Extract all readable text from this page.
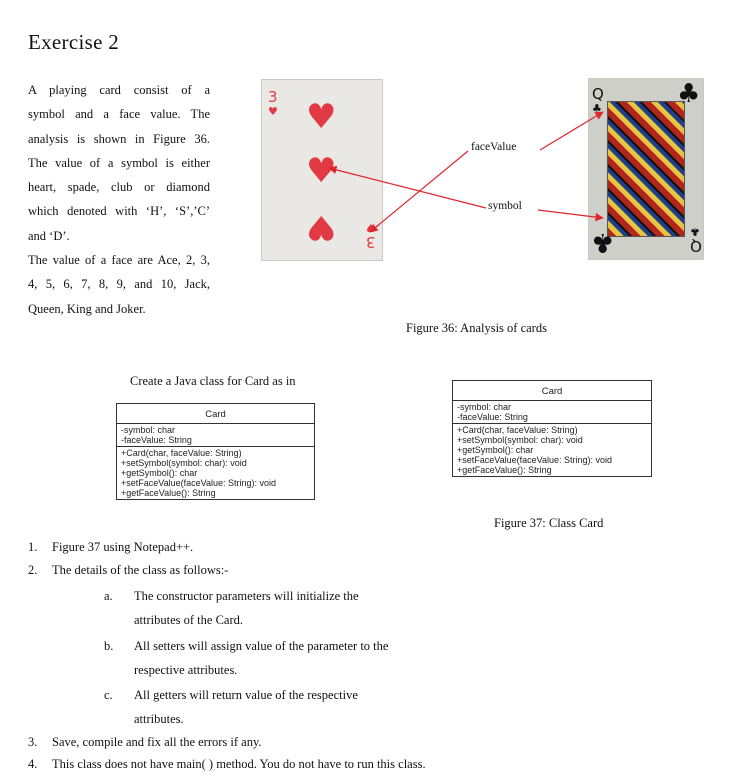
Exercise 2

A playing card consist of a

symbol and a face value. The

analysis is shown in Figure 36.

The value of a symbol is either

heart, spade, club or diamond

which denoted with ‘H’, ‘S’,’C’

and ‘D’.

The value of a face are Ace, 2, 3,

4, 5, 6, 7, 8, 9, and 10, Jack,

Queen, King and Joker.

3
♥ ♥
♥
♥	♥
3
Q
♣	♣
♣	♣
Q
faceValue
symbol
Figure 36: Analysis of cards
Create a Java class for Card as in
Card
-symbol: char
-faceValue: String
+Card(char, faceValue: String)
+setSymbol(symbol: char): void
+getSymbol(): char
+setFaceValue(faceValue: String): void
+getFaceValue(): String
Card
-symbol: char
-faceValue: String
+Card(char, faceValue: String)
+setSymbol(symbol: char): void
+getSymbol(): char
+setFaceValue(faceValue: String): void
+getFaceValue(): String
Figure 37: Class Card
1. Figure 37 using Notepad++.
2. The details of the class as follows:-
a. The constructor parameters will initialize the
attributes of the Card.
b. All setters will assign value of the parameter to the
respective attributes.
c. All getters will return value of the respective
attributes.
3. Save, compile and fix all the errors if any.
4. This class does not have main( ) method. You do not have to run this class.
